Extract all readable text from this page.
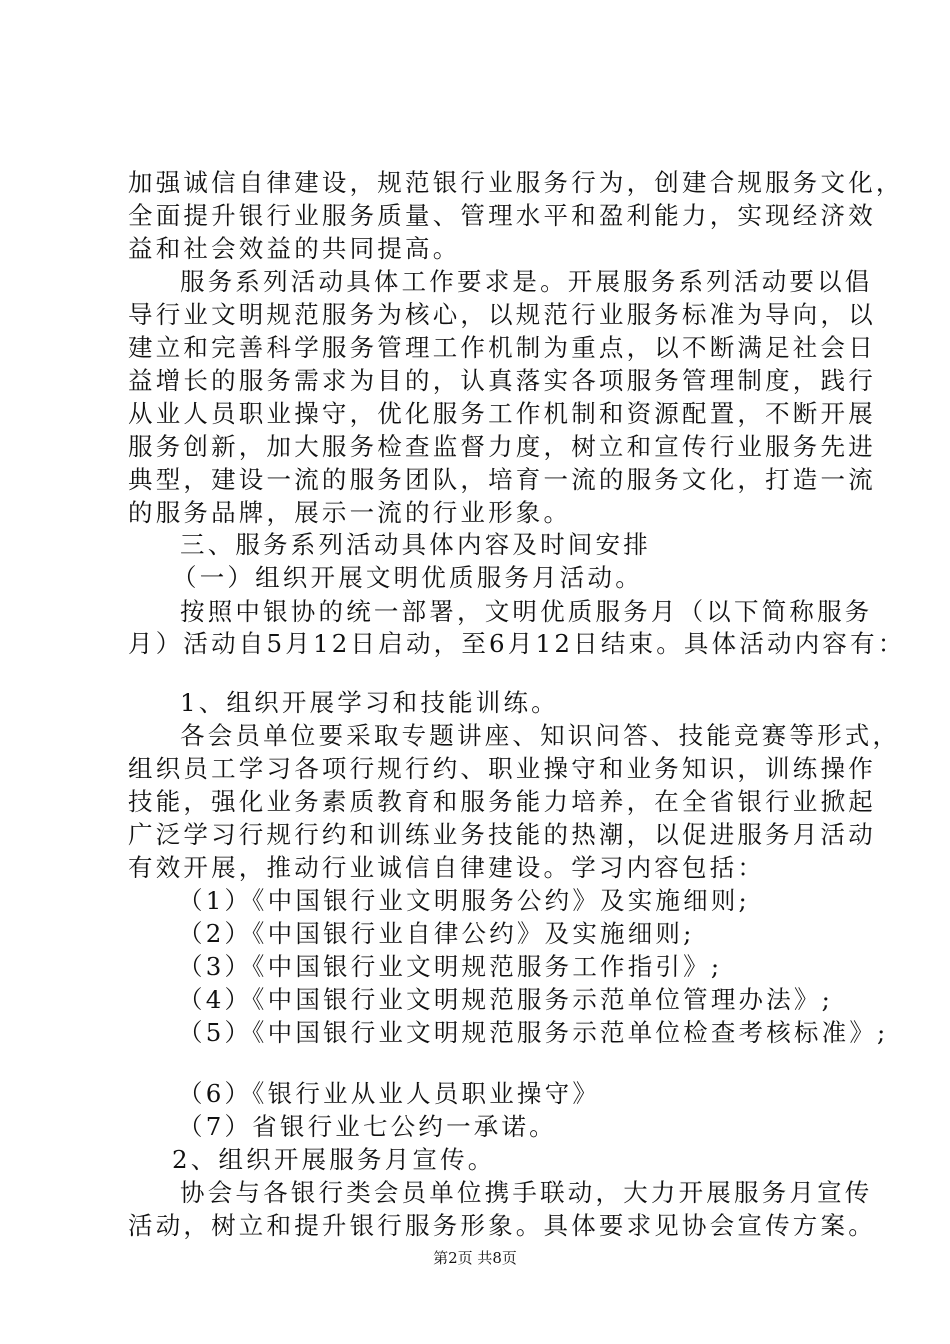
加强诚信自律建设，规范银行业服务行为，创建合规服务文化，
全面提升银行业服务质量、管理水平和盈利能力，实现经济效
益和社会效益的共同提高。
服务系列活动具体工作要求是。开展服务系列活动要以倡
导行业文明规范服务为核心，以规范行业服务标准为导向，以
建立和完善科学服务管理工作机制为重点，以不断满足社会日
益增长的服务需求为目的，认真落实各项服务管理制度，践行
从业人员职业操守，优化服务工作机制和资源配置，不断开展
服务创新，加大服务检查监督力度，树立和宣传行业服务先进
典型，建设一流的服务团队，培育一流的服务文化，打造一流
的服务品牌，展示一流的行业形象。
三、服务系列活动具体内容及时间安排
（一）组织开展文明优质服务月活动。
按照中银协的统一部署，文明优质服务月（以下简称服务
月）活动自5月12日启动，至6月12日结束。具体活动内容有：
1、组织开展学习和技能训练。
各会员单位要采取专题讲座、知识问答、技能竞赛等形式，
组织员工学习各项行规行约、职业操守和业务知识，训练操作
技能，强化业务素质教育和服务能力培养，在全省银行业掀起
广泛学习行规行约和训练业务技能的热潮，以促进服务月活动
有效开展，推动行业诚信自律建设。学习内容包括：
（1）《中国银行业文明服务公约》及实施细则;
（2）《中国银行业自律公约》及实施细则;
（3）《中国银行业文明规范服务工作指引》;
（4）《中国银行业文明规范服务示范单位管理办法》;
（5）《中国银行业文明规范服务示范单位检查考核标准》;
（6）《银行业从业人员职业操守》
（7）省银行业七公约一承诺。
2、组织开展服务月宣传。
协会与各银行类会员单位携手联动，大力开展服务月宣传
活动，树立和提升银行服务形象。具体要求见协会宣传方案。
第2页 共8页
